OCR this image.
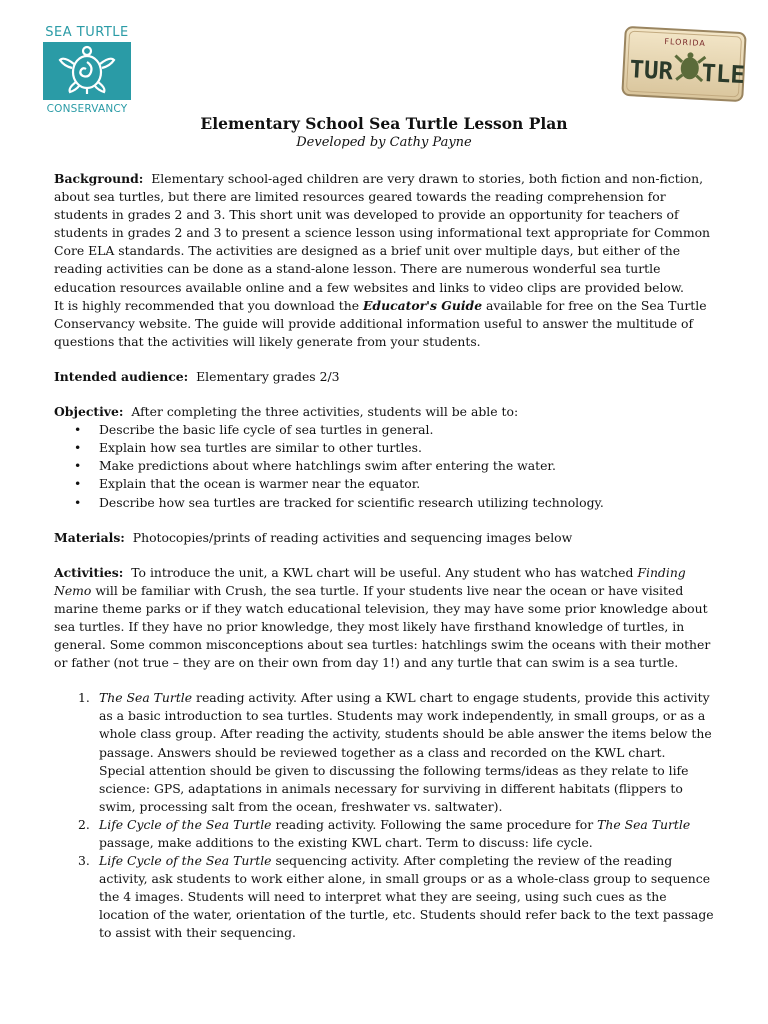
SEA TURTLE
CONSERVANCY
FLORIDA
TUR TLE
Elementary School Sea Turtle Lesson Plan
Developed by Cathy Payne

Background: Elementary school-aged children are very drawn to stories, both fiction and non-fiction, about sea turtles, but there are limited resources geared towards the reading comprehension for students in grades 2 and 3. This short unit was developed to provide an opportunity for teachers of students in grades 2 and 3 to present a science lesson using informational text appropriate for Common Core ELA standards. The activities are designed as a brief unit over multiple days, but either of the reading activities can be done as a stand-alone lesson. There are numerous wonderful sea turtle education resources available online and a few websites and links to video clips are provided below.

It is highly recommended that you download the Educator's Guide available for free on the Sea Turtle Conservancy website. The guide will provide additional information useful to answer the multitude of questions that the activities will likely generate from your students.

Intended audience: Elementary grades 2/3

Objective: After completing the three activities, students will be able to:

• Describe the basic life cycle of sea turtles in general.
• Explain how sea turtles are similar to other turtles.
• Make predictions about where hatchlings swim after entering the water.
• Explain that the ocean is warmer near the equator.
• Describe how sea turtles are tracked for scientific research utilizing technology.

Materials: Photocopies/prints of reading activities and sequencing images below

Activities: To introduce the unit, a KWL chart will be useful. Any student who has watched Finding Nemo will be familiar with Crush, the sea turtle. If your students live near the ocean or have visited marine theme parks or if they watch educational television, they may have some prior knowledge about sea turtles. If they have no prior knowledge, they most likely have firsthand knowledge of turtles, in general. Some common misconceptions about sea turtles: hatchlings swim the oceans with their mother or father (not true – they are on their own from day 1!) and any turtle that can swim is a sea turtle.

1. The Sea Turtle reading activity. After using a KWL chart to engage students, provide this activity as a basic introduction to sea turtles. Students may work independently, in small groups, or as a whole class group. After reading the activity, students should be able answer the items below the passage. Answers should be reviewed together as a class and recorded on the KWL chart. Special attention should be given to discussing the following terms/ideas as they relate to life science: GPS, adaptations in animals necessary for surviving in different habitats (flippers to swim, processing salt from the ocean, freshwater vs. saltwater).
2. Life Cycle of the Sea Turtle reading activity. Following the same procedure for The Sea Turtle passage, make additions to the existing KWL chart. Term to discuss: life cycle.
3. Life Cycle of the Sea Turtle sequencing activity. After completing the review of the reading activity, ask students to work either alone, in small groups or as a whole-class group to sequence the 4 images. Students will need to interpret what they are seeing, using such cues as the location of the water, orientation of the turtle, etc. Students should refer back to the text passage to assist with their sequencing.
